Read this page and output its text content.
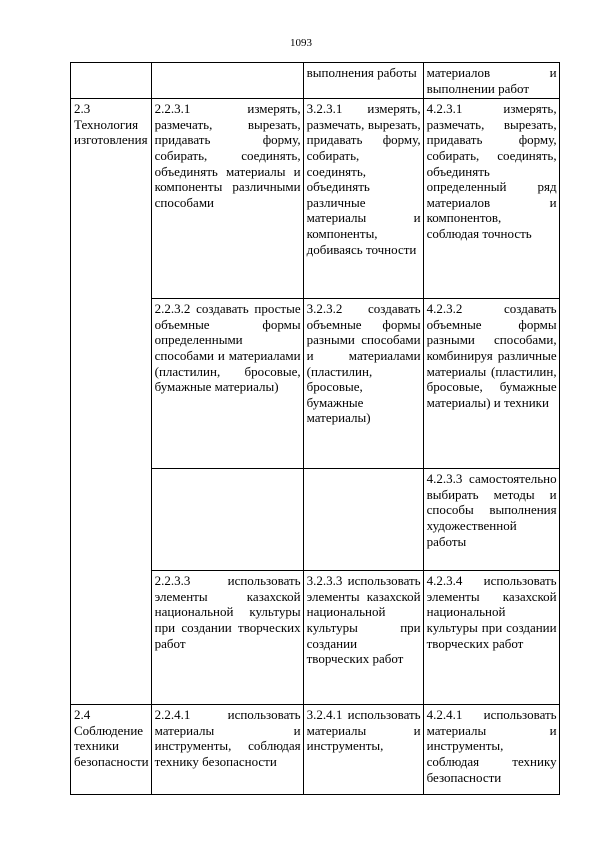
1093
		выполнения работы	материалов и выполнении работ
2.3 Технология изготовления	2.2.3.1 измерять, размечать, вырезать, придавать форму, собирать, соединять, объединять материалы и компоненты различными способами	3.2.3.1 измерять, размечать, вырезать, придавать форму, собирать, соединять, объединять различные материалы и компоненты, добиваясь точности	4.2.3.1 измерять, размечать, вырезать, придавать форму, собирать, соединять, объединять определенный ряд материалов и компонентов, соблюдая точность
	2.2.3.2 создавать простые объемные формы определенными способами и материалами (пластилин, бросовые, бумажные материалы)	3.2.3.2 создавать объемные формы разными способами и материалами (пластилин, бросовые, бумажные материалы)	4.2.3.2 создавать объемные формы разными способами, комбинируя различные материалы (пластилин, бросовые, бумажные материалы) и техники
			4.2.3.3 самостоятельно выбирать методы и способы выполнения художественной работы
	2.2.3.3 использовать элементы казахской национальной культуры при создании творческих работ	3.2.3.3 использовать элементы казахской национальной культуры при создании творческих работ	4.2.3.4 использовать элементы казахской национальной культуры при создании творческих работ
2.4 Соблюдение техники безопасности	2.2.4.1 использовать материалы и инструменты, соблюдая технику безопасности	3.2.4.1 использовать материалы и инструменты,	4.2.4.1 использовать материалы и инструменты, соблюдая технику безопасности
